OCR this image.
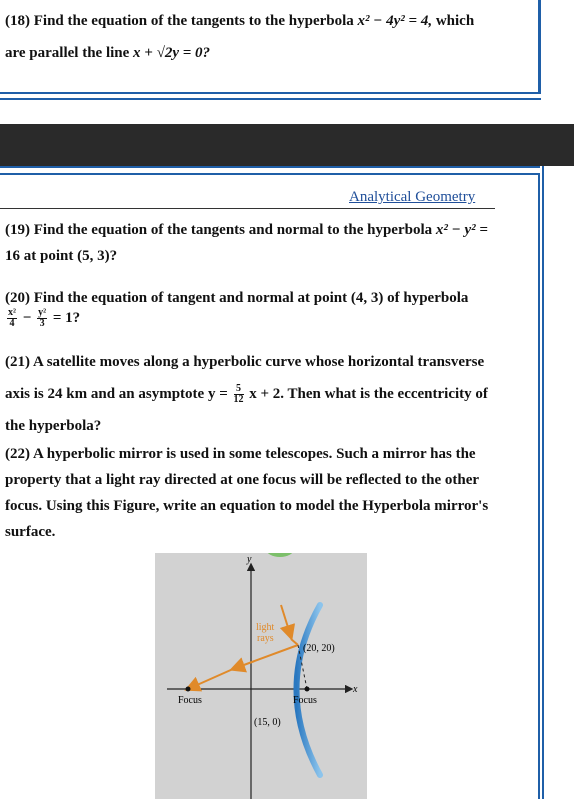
(18) Find the equation of the tangents to the hyperbola x² − 4y² = 4, which
are parallel the line x + √2y = 0?
Analytical Geometry
(19) Find the equation of the tangents and normal to the hyperbola x² − y² =
16 at point (5, 3)?
(20) Find the equation of tangent and normal at point (4, 3) of hyperbola
$\frac{\text{x²}}{4} - \frac{\text{y²}}{3} = 1$?
(21) A satellite moves along a hyperbolic curve whose horizontal transverse
axis is 24 km and an asymptote $y = \frac{5}{12}$ x + 2. Then what is the eccentricity of
the hyperbola?
(22) A hyperbolic mirror is used in some telescopes. Such a mirror has the
property that a light ray directed at one focus will be reflected to the other
focus. Using this Figure, write an equation to model the Hyperbola mirror's
surface.
y
x
light
rays
(20, 20)
Focus	Focus
(15, 0)
